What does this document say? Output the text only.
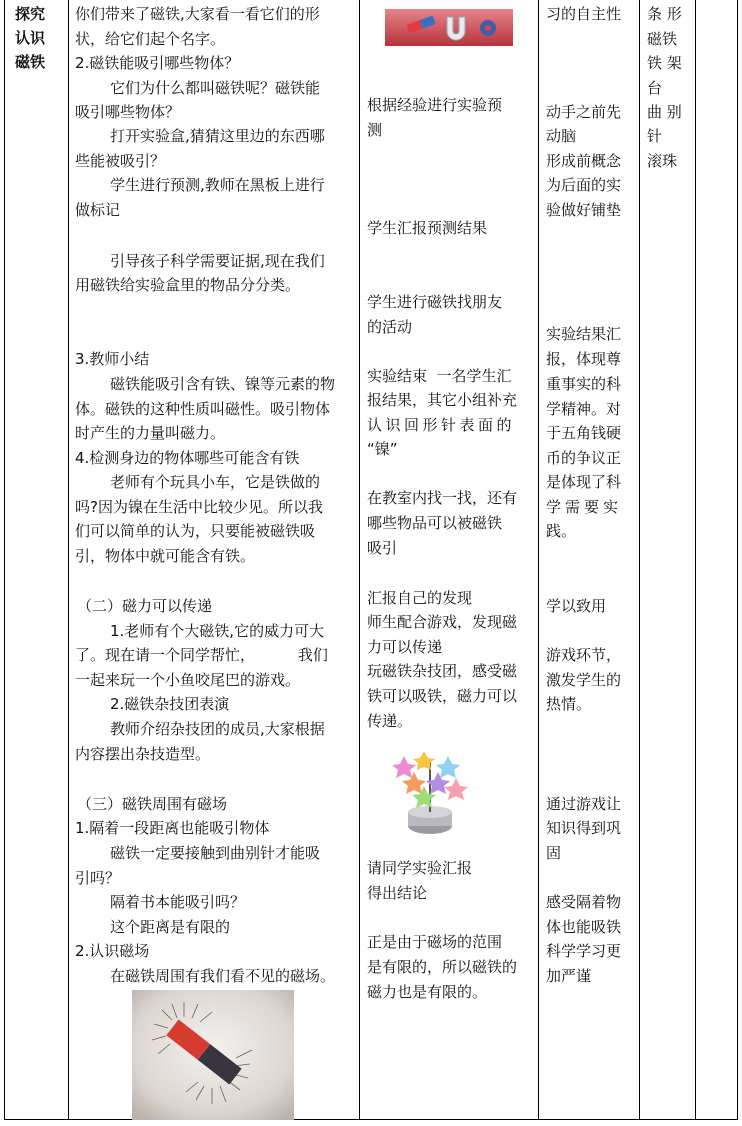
探究
认识
磁铁
你们带来了磁铁,大家看一看它们的形
状，给它们起个名字。
2.磁铁能吸引哪些物体？
它们为什么都叫磁铁呢？磁铁能
吸引哪些物体？
打开实验盒,猜猜这里边的东西哪
些能被吸引？
学生进行预测,教师在黑板上进行
做标记
引导孩子科学需要证据,现在我们
用磁铁给实验盒里的物品分分类。
3.教师小结
磁铁能吸引含有铁、镍等元素的物
体。磁铁的这种性质叫磁性。吸引物体
时产生的力量叫磁力。
4.检测身边的物体哪些可能含有铁
老师有个玩具小车，它是铁做的
吗?因为镍在生活中比较少见。所以我
们可以简单的认为，只要能被磁铁吸
引，物体中就可能含有铁。
（二）磁力可以传递
1.老师有个大磁铁,它的威力可大
了。现在请一个同学帮忙，         我们
一起来玩一个小鱼咬尾巴的游戏。
2.磁铁杂技团表演
教师介绍杂技团的成员,大家根据
内容摆出杂技造型。
（三）磁铁周围有磁场
1.隔着一段距离也能吸引物体
磁铁一定要接触到曲别针才能吸
引吗？
隔着书本能吸引吗？
这个距离是有限的
2.认识磁场
在磁铁周围有我们看不见的磁场。
根据经验进行实验预
测
学生汇报预测结果
学生进行磁铁找朋友
的活动
实验结束  一名学生汇
报结果，其它小组补充
认识回形针表面的
“镍”
在教室内找一找，还有
哪些物品可以被磁铁
吸引
汇报自己的发现
师生配合游戏，发现磁
力可以传递
玩磁铁杂技团，感受磁
铁可以吸铁，磁力可以
传递。
请同学实验汇报
得出结论
正是由于磁场的范围
是有限的，所以磁铁的
磁力也是有限的。
习的自主性
动手之前先
动脑
形成前概念
为后面的实
验做好铺垫
实验结果汇
报，体现尊
重事实的科
学精神。对
于五角钱硬
币的争议正
是体现了科
学需要实
践。
学以致用
游戏环节，
激发学生的
热情。
通过游戏让
知识得到巩
固
感受隔着物
体也能吸铁
科学学习更
加严谨
条 形
磁铁
铁 架
台
曲 别
针
滚珠
